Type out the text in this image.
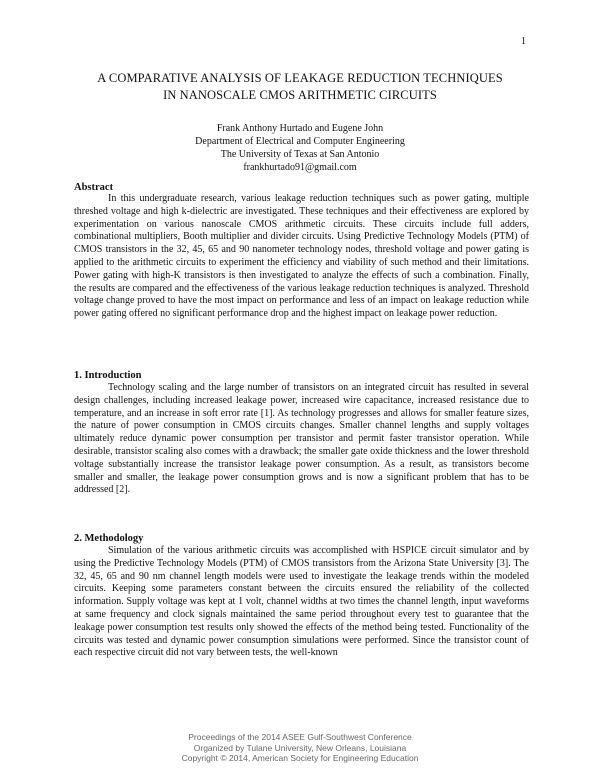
1
A COMPARATIVE ANALYSIS OF LEAKAGE REDUCTION TECHNIQUES
IN NANOSCALE CMOS ARITHMETIC CIRCUITS
Frank Anthony Hurtado and Eugene John
Department of Electrical and Computer Engineering
The University of Texas at San Antonio
frankhurtado91@gmail.com
Abstract

In this undergraduate research, various leakage reduction techniques such as power gating, multiple threshed voltage and high k-dielectric are investigated. These techniques and their effectiveness are explored by experimentation on various nanoscale CMOS arithmetic circuits. These circuits include full adders, combinational multipliers, Booth multiplier and divider circuits. Using Predictive Technology Models (PTM) of CMOS transistors in the 32, 45, 65 and 90 nanometer technology nodes, threshold voltage and power gating is applied to the arithmetic circuits to experiment the efficiency and viability of such method and their limitations. Power gating with high-K transistors is then investigated to analyze the effects of such a combination. Finally, the results are compared and the effectiveness of the various leakage reduction techniques is analyzed. Threshold voltage change proved to have the most impact on performance and less of an impact on leakage reduction while power gating offered no significant performance drop and the highest impact on leakage power reduction.

1. Introduction

Technology scaling and the large number of transistors on an integrated circuit has resulted in several design challenges, including increased leakage power, increased wire capacitance, increased resistance due to temperature, and an increase in soft error rate [1]. As technology progresses and allows for smaller feature sizes, the nature of power consumption in CMOS circuits changes. Smaller channel lengths and supply voltages ultimately reduce dynamic power consumption per transistor and permit faster transistor operation. While desirable, transistor scaling also comes with a drawback; the smaller gate oxide thickness and the lower threshold voltage substantially increase the transistor leakage power consumption. As a result, as transistors become smaller and smaller, the leakage power consumption grows and is now a significant problem that has to be addressed [2].

2. Methodology

Simulation of the various arithmetic circuits was accomplished with HSPICE circuit simulator and by using the Predictive Technology Models (PTM) of CMOS transistors from the Arizona State University [3]. The 32, 45, 65 and 90 nm channel length models were used to investigate the leakage trends within the modeled circuits. Keeping some parameters constant between the circuits ensured the reliability of the collected information. Supply voltage was kept at 1 volt, channel widths at two times the channel length, input waveforms at same frequency and clock signals maintained the same period throughout every test to guarantee that the leakage power consumption test results only showed the effects of the method being tested. Functionality of the circuits was tested and dynamic power consumption simulations were performed. Since the transistor count of each respective circuit did not vary between tests, the well-known

Proceedings of the 2014 ASEE Gulf-Southwest Conference
Organized by Tulane University, New Orleans, Louisiana
Copyright © 2014, American Society for Engineering Education
